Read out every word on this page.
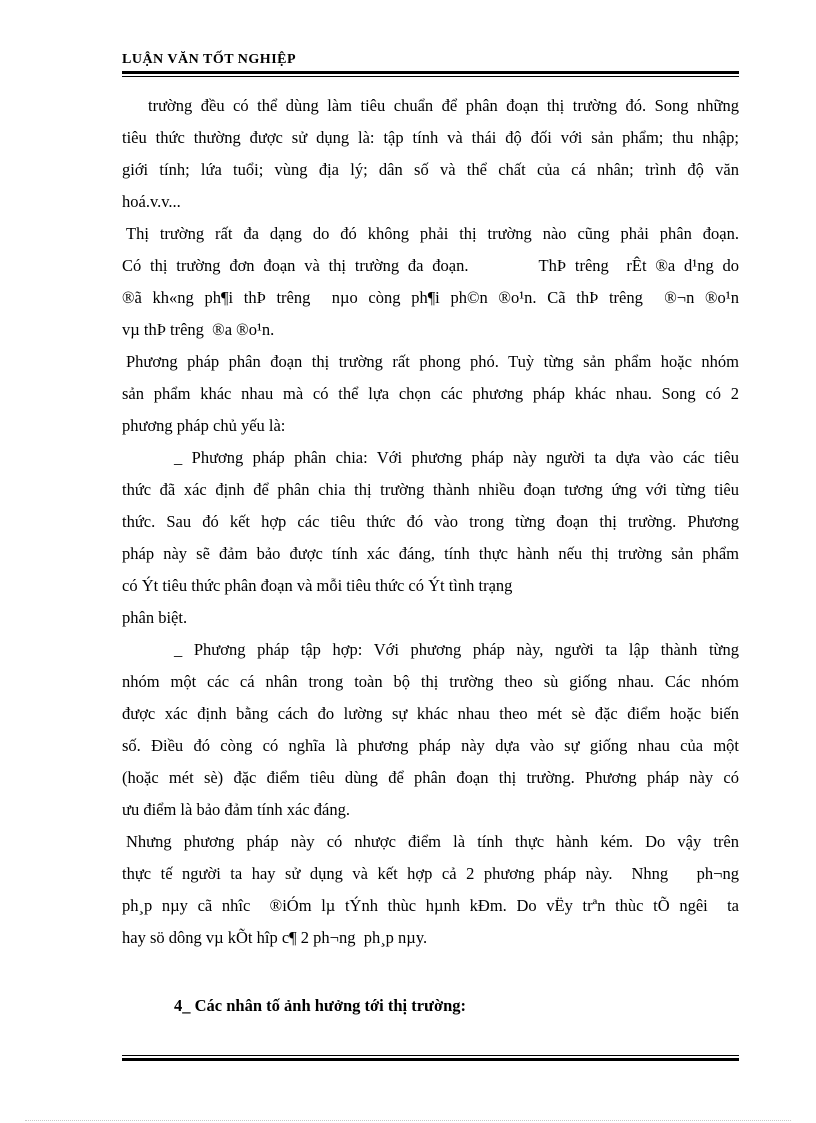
LUẬN VĂN TỐT NGHIỆP
trường đều có thể dùng làm tiêu chuẩn để phân đoạn thị trường đó. Song những
tiêu thức thường được sử dụng là: tập tính và thái độ đối với sản phẩm; thu nhập;
giới tính; lứa tuổi; vùng địa lý; dân số và thể chất của cá nhân; trình độ văn
hoá.v.v...
Thị trường rất đa dạng do đó không phải thị trường nào cũng phải phân đoạn.
Có thị trường đơn đoạn và thị trường đa đoạn.        ThÞ trêng  rÊt ®a d¹ng do
®ã kh«ng ph¶i thÞ trêng  nµo còng ph¶i ph©n ®o¹n. Cã thÞ trêng  ®¬n ®o¹n
vµ thÞ trêng  ®a ®o¹n.
Phương pháp phân đoạn thị trường rất phong phó. Tuỳ từng sản phẩm hoặc nhóm
sản phẩm khác nhau mà có thể lựa chọn các phương pháp khác nhau. Song có 2
phương pháp chủ yếu là:
_ Phương pháp phân chia: Với phương pháp này người ta dựa vào các tiêu
thức đã xác định để phân chia thị trường thành nhiều đoạn tương ứng với từng tiêu
thức. Sau đó kết hợp các tiêu thức đó vào trong từng đoạn thị trường. Phương
pháp này sẽ đảm bảo được tính xác đáng, tính thực hành nếu thị trường sản phẩm
có Ýt tiêu thức phân đoạn và mỗi tiêu thức có Ýt tình trạng
phân biệt.
_ Phương pháp tập hợp: Với phương pháp này, người ta lập thành từng
nhóm một các cá nhân trong toàn bộ thị trường theo sù giống nhau. Các nhóm
được xác định bằng cách đo lường sự khác nhau theo mét sè đặc điểm hoặc biến
số. Điều đó còng có nghĩa là phương pháp này dựa vào sự giống nhau của một
(hoặc mét sè) đặc điểm tiêu dùng để phân đoạn thị trường. Phương pháp này có
ưu điểm là bảo đảm tính xác đáng.
Nhưng phương pháp này có nhược điểm là tính thực hành kém. Do vậy trên
thực tế người ta hay sử dụng và kết hợp cả 2 phương pháp này.  Nhng   ph¬ng
ph¸p nµy cã nhîc  ®iÓm lµ tÝnh thùc hµnh kÐm. Do vËy trªn thùc tÕ ngêi  ta
hay sö dông vµ kÕt hîp c¶ 2 ph¬ng  ph¸p nµy.
4_ Các nhân tố ảnh hưởng tới thị trường:
